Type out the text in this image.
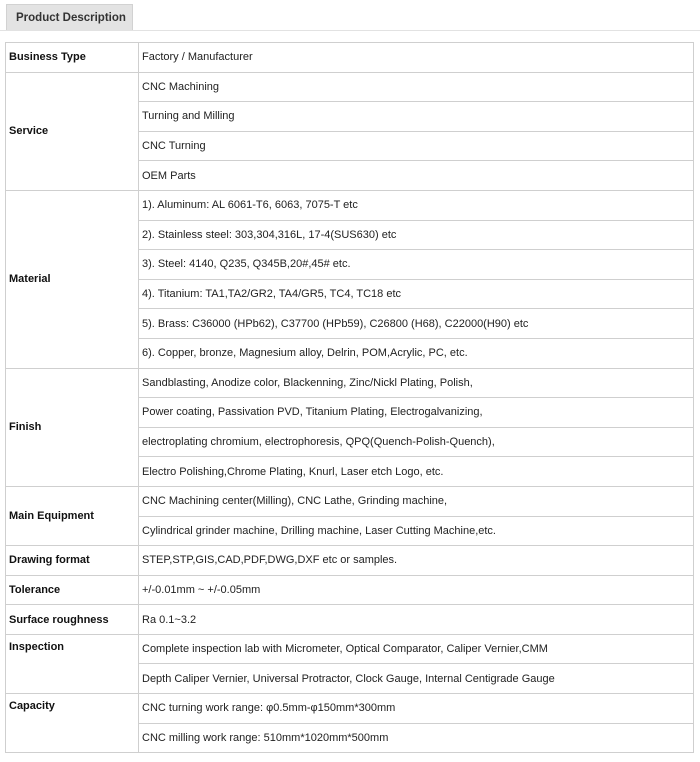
Product Description
Business Type	Factory / Manufacturer
Service	CNC Machining
	Turning and Milling
	CNC Turning
	OEM Parts
Material	1). Aluminum: AL 6061-T6, 6063, 7075-T etc
	2). Stainless steel: 303,304,316L, 17-4(SUS630) etc
	3). Steel: 4140, Q235, Q345B,20#,45# etc.
	4). Titanium: TA1,TA2/GR2, TA4/GR5, TC4, TC18 etc
	5). Brass: C36000 (HPb62), C37700 (HPb59), C26800 (H68), C22000(H90) etc
	6). Copper, bronze, Magnesium alloy, Delrin, POM,Acrylic, PC, etc.
Finish	Sandblasting, Anodize color, Blackenning, Zinc/Nickl Plating, Polish,
	Power coating, Passivation PVD, Titanium Plating, Electrogalvanizing,
	electroplating chromium, electrophoresis, QPQ(Quench-Polish-Quench),
	Electro Polishing,Chrome Plating, Knurl, Laser etch Logo, etc.
Main Equipment	CNC Machining center(Milling), CNC Lathe, Grinding machine,
	Cylindrical grinder machine, Drilling machine, Laser Cutting Machine,etc.
Drawing format	STEP,STP,GIS,CAD,PDF,DWG,DXF etc or samples.
Tolerance	+/-0.01mm ~ +/-0.05mm
Surface roughness	Ra 0.1~3.2
Inspection	Complete inspection lab with Micrometer, Optical Comparator, Caliper Vernier,CMM
	Depth Caliper Vernier, Universal Protractor, Clock Gauge, Internal Centigrade Gauge
Capacity	CNC turning work range: φ0.5mm-φ150mm*300mm
	CNC milling work range: 510mm*1020mm*500mm
